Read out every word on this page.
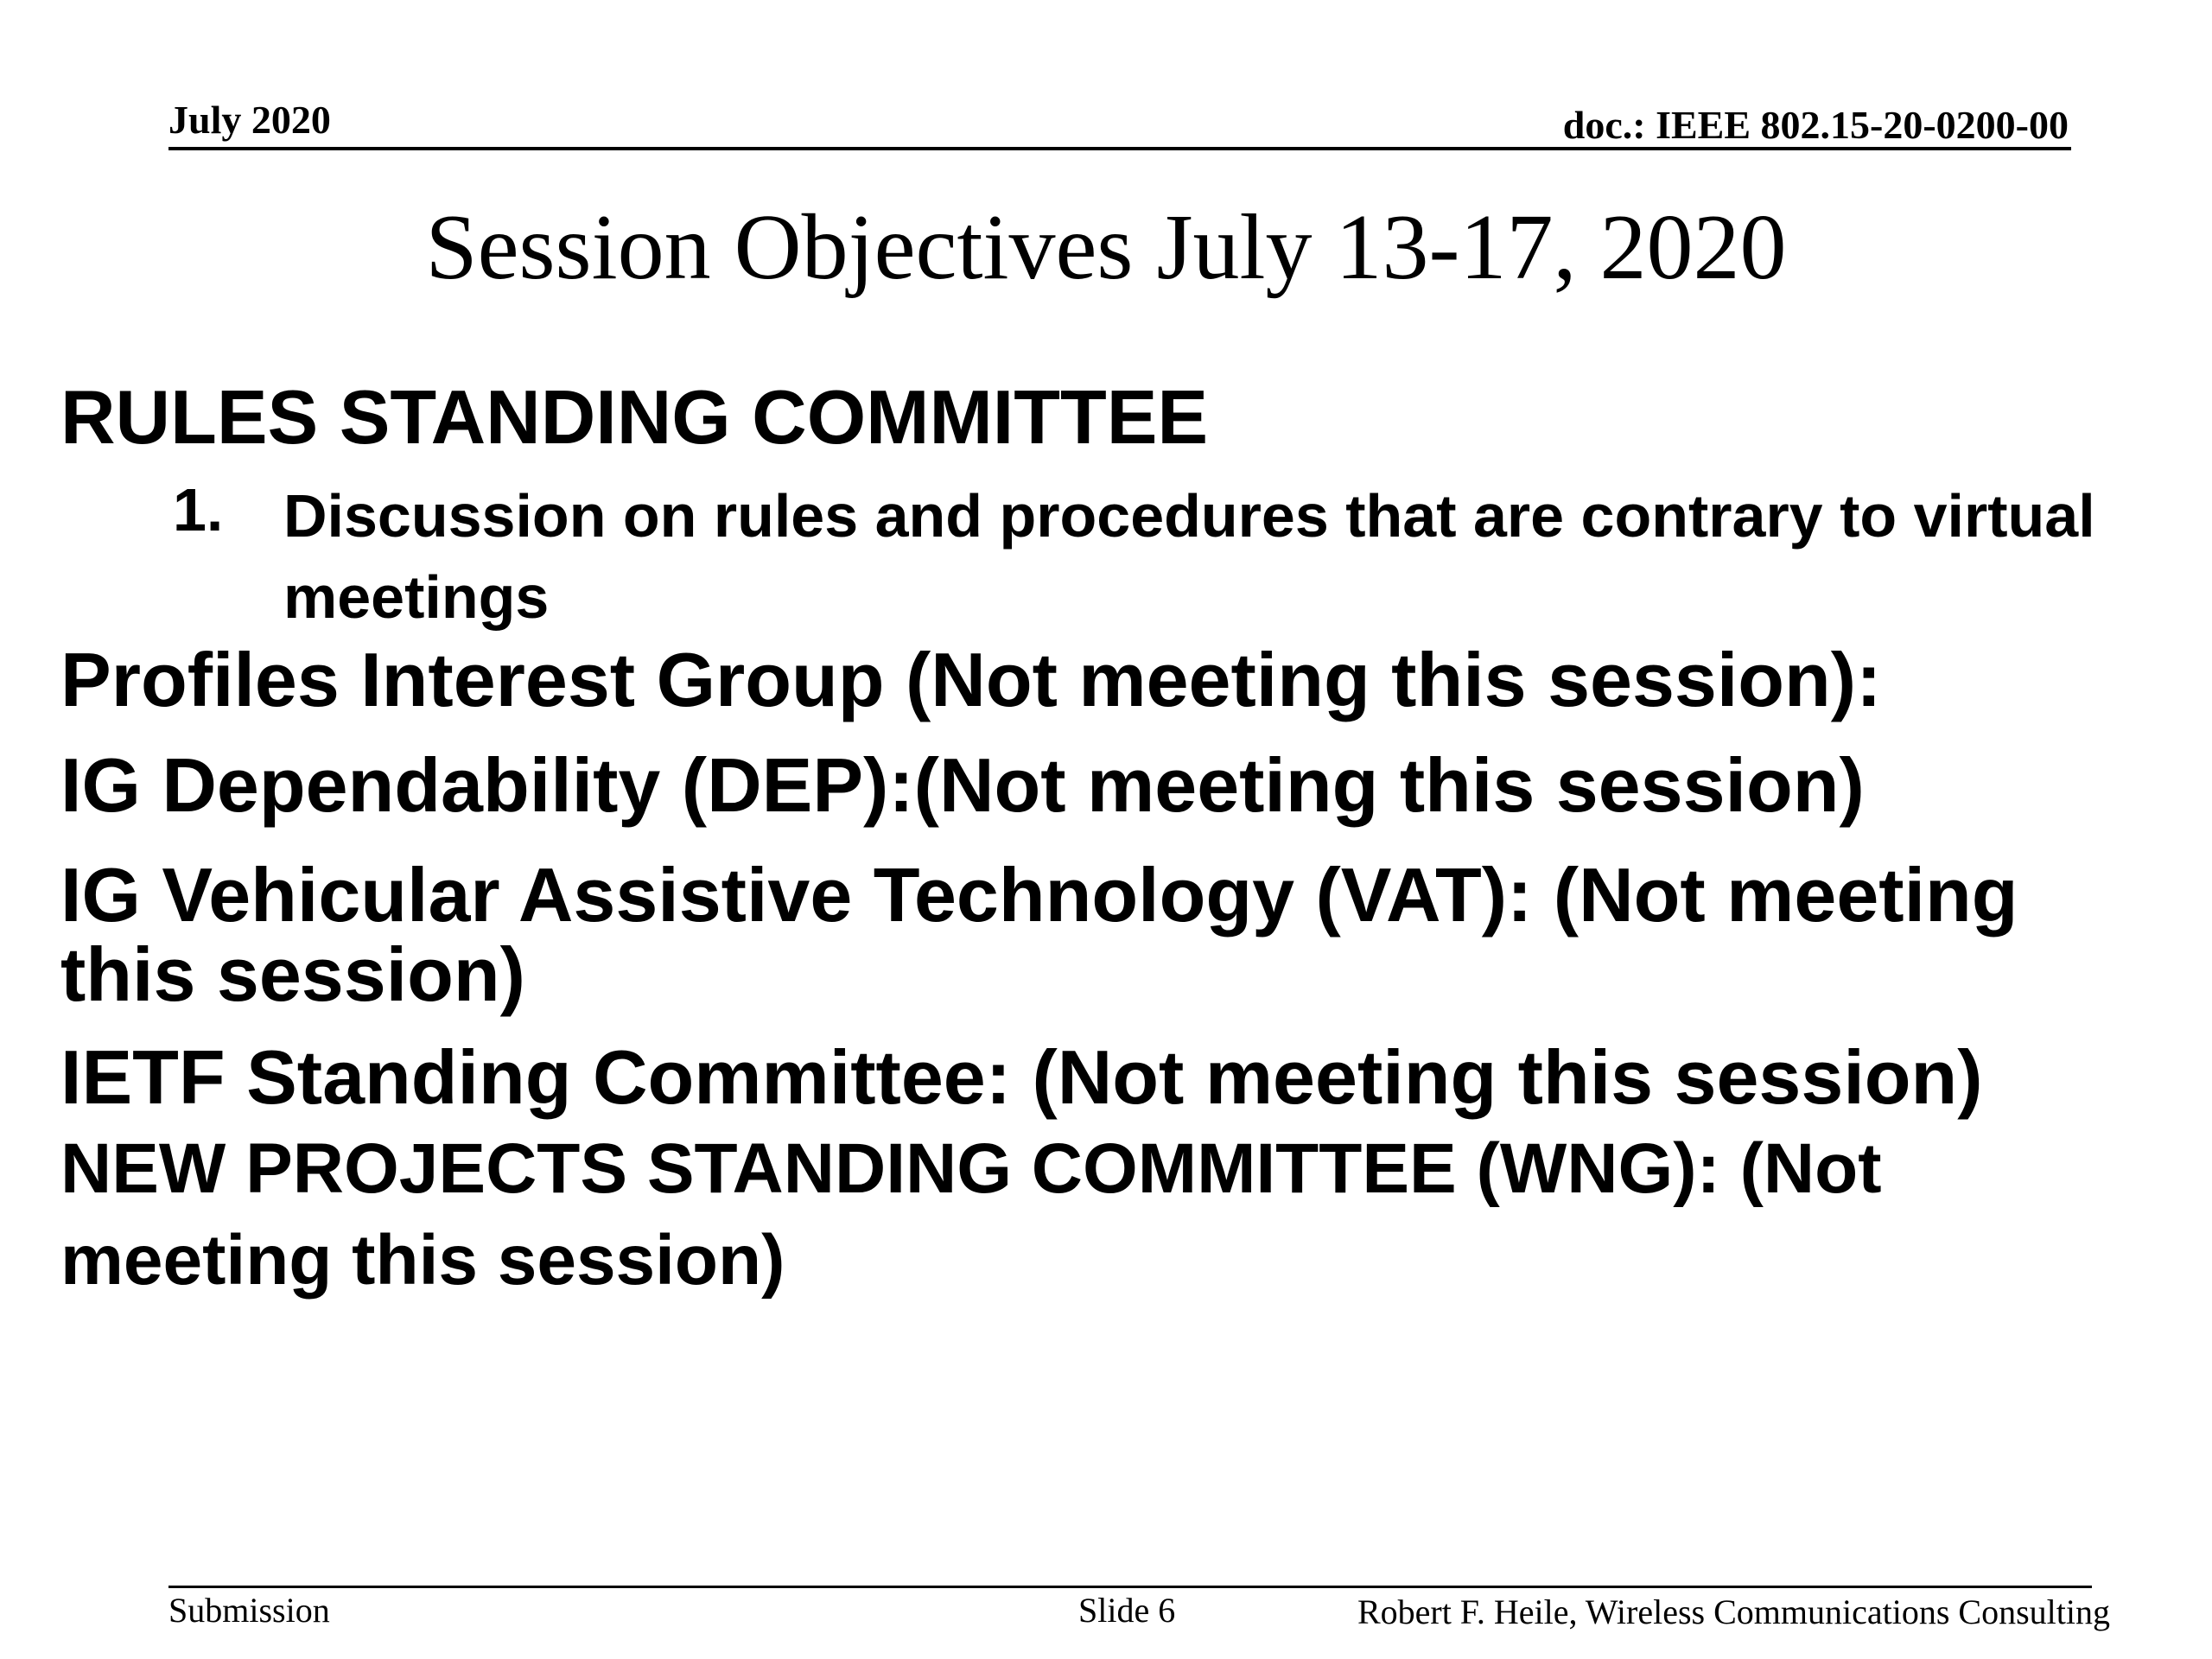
July 2020	doc.: IEEE 802.15-20-0200-00
Session Objectives July 13-17, 2020
RULES STANDING COMMITTEE
1. Discussion on rules and procedures that are contrary to virtual meetings
Profiles Interest Group (Not meeting this session):
IG Dependability (DEP):(Not meeting this session)
IG Vehicular Assistive Technology (VAT): (Not meeting this session)
IETF Standing Committee: (Not meeting this session)
NEW PROJECTS STANDING COMMITTEE (WNG): (Not meeting this session)
Submission	Slide 6	Robert F. Heile, Wireless Communications Consulting
